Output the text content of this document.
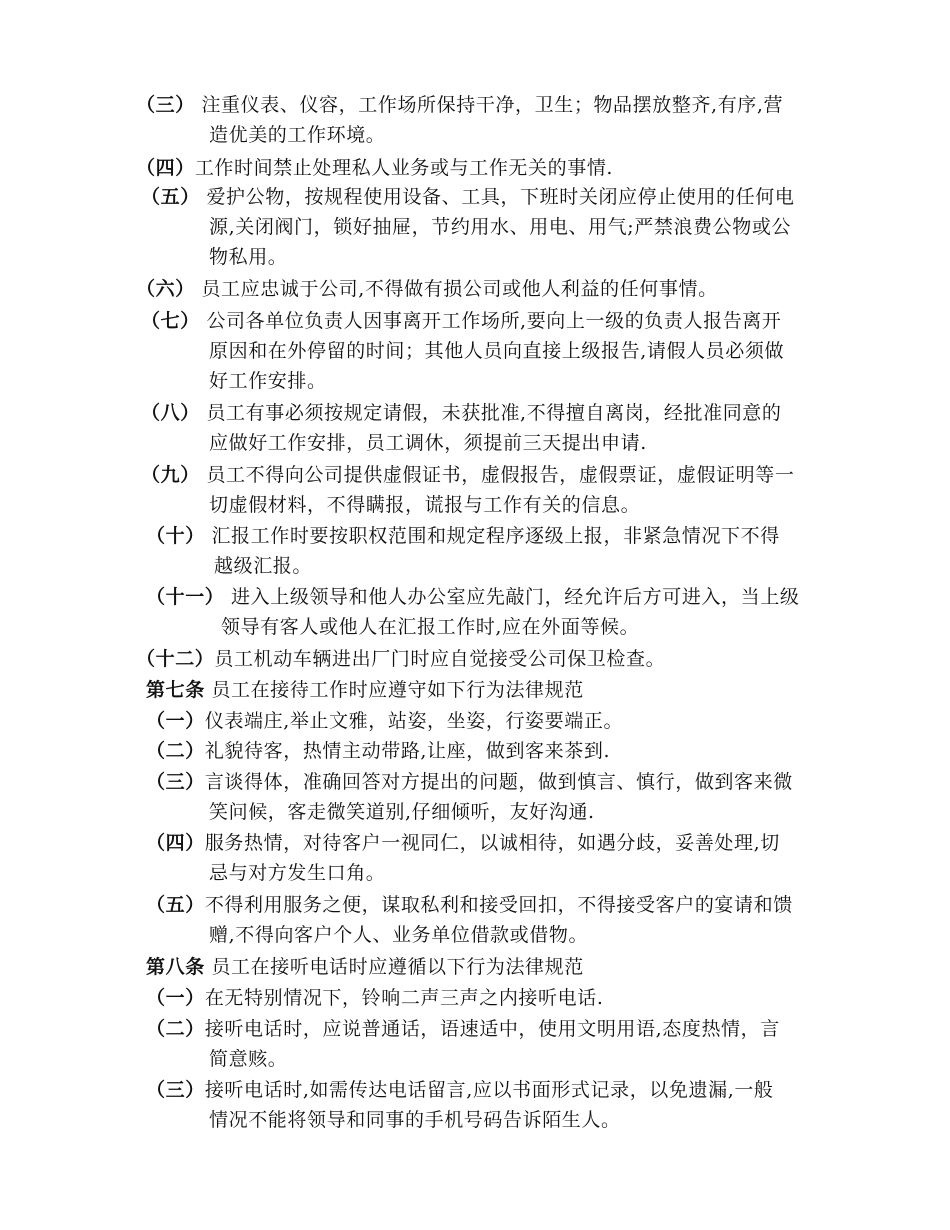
（三） 注重仪表、仪容，工作场所保持干净，卫生；物品摆放整齐,有序,营
造优美的工作环境。
（四）工作时间禁止处理私人业务或与工作无关的事情.
（五） 爱护公物，按规程使用设备、工具，下班时关闭应停止使用的任何电
源,关闭阀门，锁好抽屉，节约用水、用电、用气;严禁浪费公物或公
物私用。
（六） 员工应忠诚于公司,不得做有损公司或他人利益的任何事情。
（七） 公司各单位负责人因事离开工作场所,要向上一级的负责人报告离开
原因和在外停留的时间；其他人员向直接上级报告,请假人员必须做
好工作安排。
（八） 员工有事必须按规定请假，未获批准,不得擅自离岗，经批准同意的
应做好工作安排，员工调休，须提前三天提出申请.
（九） 员工不得向公司提供虚假证书，虚假报告，虚假票证，虚假证明等一
切虚假材料，不得瞒报，谎报与工作有关的信息。
（十） 汇报工作时要按职权范围和规定程序逐级上报，非紧急情况下不得
越级汇报。
（十一） 进入上级领导和他人办公室应先敲门，经允许后方可进入，当上级
领导有客人或他人在汇报工作时,应在外面等候。
（十二）员工机动车辆进出厂门时应自觉接受公司保卫检查。
第七条 员工在接待工作时应遵守如下行为法律规范
（一）仪表端庄,举止文雅，站姿，坐姿，行姿要端正。
（二）礼貌待客，热情主动带路,让座，做到客来茶到.
（三）言谈得体，准确回答对方提出的问题，做到慎言、慎行，做到客来微
笑问候，客走微笑道别,仔细倾听，友好沟通.
（四）服务热情，对待客户一视同仁，以诚相待，如遇分歧，妥善处理,切
忌与对方发生口角。
（五）不得利用服务之便，谋取私利和接受回扣，不得接受客户的宴请和馈
赠,不得向客户个人、业务单位借款或借物。
第八条 员工在接听电话时应遵循以下行为法律规范
（一）在无特别情况下，铃响二声三声之内接听电话.
（二）接听电话时，应说普通话，语速适中，使用文明用语,态度热情，言
简意赅。
（三）接听电话时,如需传达电话留言,应以书面形式记录，以免遗漏,一般
情况不能将领导和同事的手机号码告诉陌生人。
